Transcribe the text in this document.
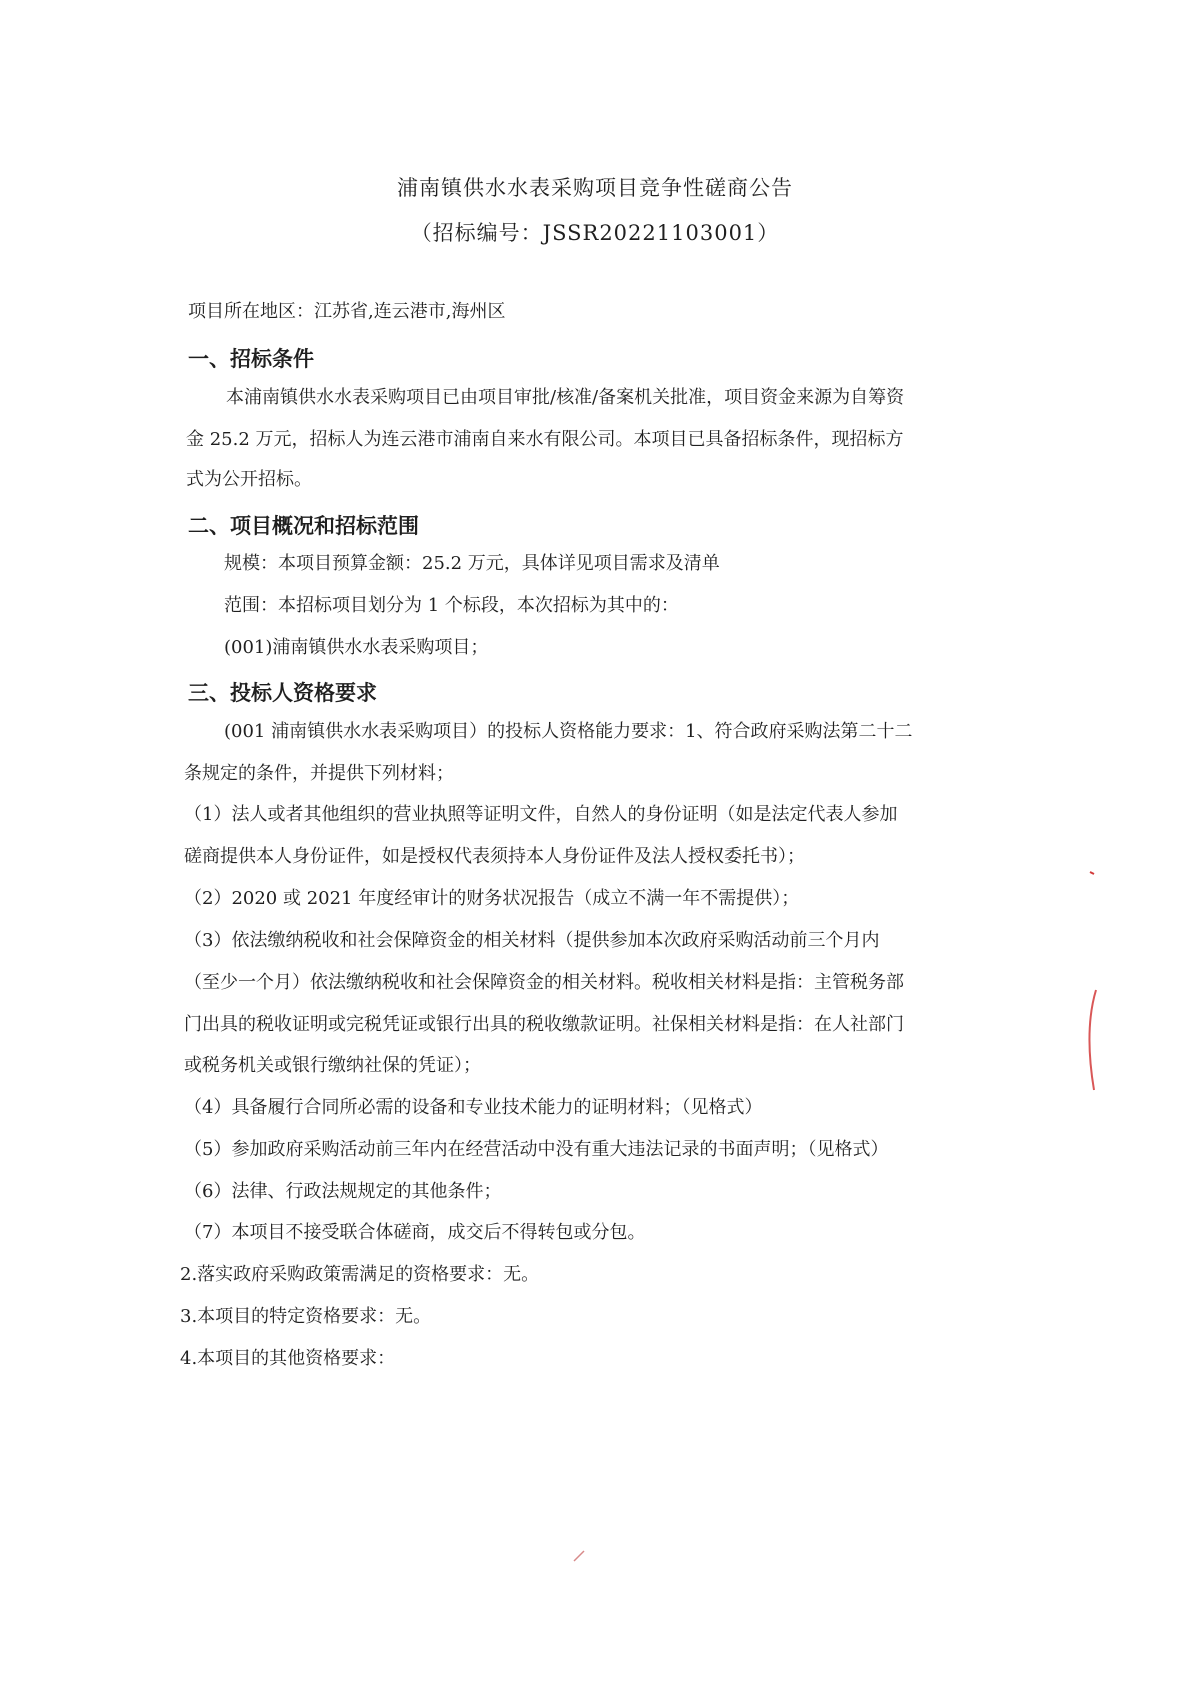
浦南镇供水水表采购项目竞争性磋商公告
（招标编号：JSSR20221103001）
项目所在地区：江苏省,连云港市,海州区
一、招标条件
本浦南镇供水水表采购项目已由项目审批/核准/备案机关批准，项目资金来源为自筹资
金 25.2 万元，招标人为连云港市浦南自来水有限公司。本项目已具备招标条件，现招标方
式为公开招标。
二、项目概况和招标范围
规模：本项目预算金额：25.2 万元，具体详见项目需求及清单
范围：本招标项目划分为 1 个标段，本次招标为其中的：
(001)浦南镇供水水表采购项目；
三、投标人资格要求
(001 浦南镇供水水表采购项目）的投标人资格能力要求：1、符合政府采购法第二十二
条规定的条件，并提供下列材料；
（1）法人或者其他组织的营业执照等证明文件，自然人的身份证明（如是法定代表人参加
磋商提供本人身份证件，如是授权代表须持本人身份证件及法人授权委托书）；
（2）2020 或 2021 年度经审计的财务状况报告（成立不满一年不需提供）；
（3）依法缴纳税收和社会保障资金的相关材料（提供参加本次政府采购活动前三个月内
（至少一个月）依法缴纳税收和社会保障资金的相关材料。税收相关材料是指：主管税务部
门出具的税收证明或完税凭证或银行出具的税收缴款证明。社保相关材料是指：在人社部门
或税务机关或银行缴纳社保的凭证）；
（4）具备履行合同所必需的设备和专业技术能力的证明材料；（见格式）
（5）参加政府采购活动前三年内在经营活动中没有重大违法记录的书面声明；（见格式）
（6）法律、行政法规规定的其他条件；
（7）本项目不接受联合体磋商，成交后不得转包或分包。
2.落实政府采购政策需满足的资格要求：无。
3.本项目的特定资格要求：无。
4.本项目的其他资格要求：
